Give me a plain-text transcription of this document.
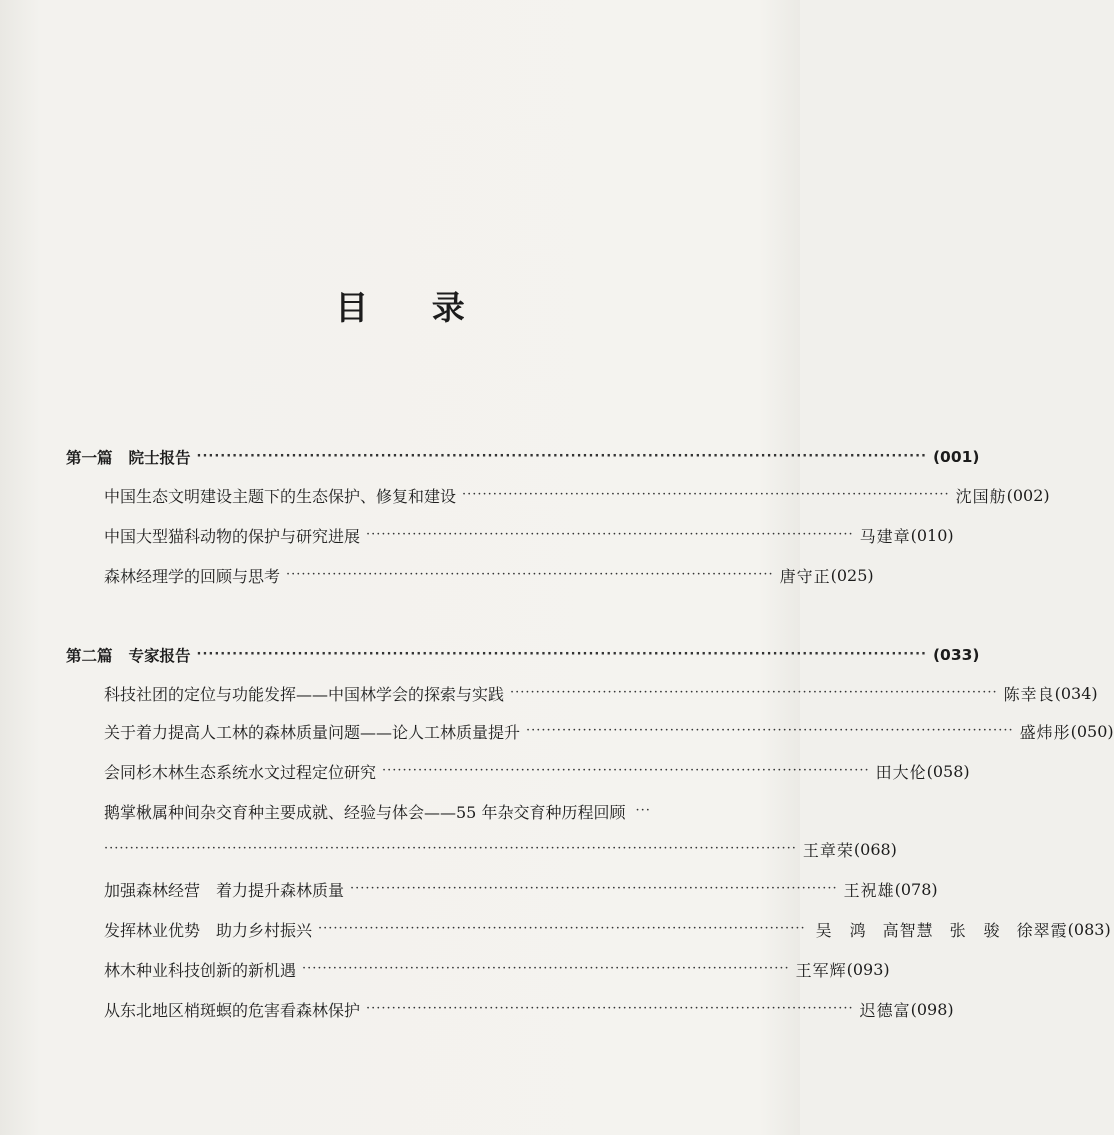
目 录
第一篇 院士报告 ··························································································································· (001)
中国生态文明建设主题下的生态保护、修复和建设 ······························································································· 沈国舫 (002)
中国大型猫科动物的保护与研究进展 ······························································································· 马建章 (010)
森林经理学的回顾与思考 ······························································································· 唐守正 (025)
第二篇 专家报告 ··························································································································· (033)
科技社团的定位与功能发挥——中国林学会的探索与实践 ······························································································· 陈幸良 (034)
关于着力提高人工林的森林质量问题——论人工林质量提升 ······························································································· 盛炜彤 (050)
会同杉木林生态系统水文过程定位研究 ······························································································· 田大伦 (058)
鹅掌楸属种间杂交育种主要成就、经验与体会——55 年杂交育种历程回顾 ···
······································································································································· 王章荣 (068)
加强森林经营　着力提升森林质量 ······························································································· 王祝雄 (078)
发挥林业优势　助力乡村振兴 ······························································································· 吴　鸿 高智慧 张　骏 徐翠霞 (083)
林木种业科技创新的新机遇 ······························································································· 王军辉 (093)
从东北地区梢斑螟的危害看森林保护 ······························································································· 迟德富 (098)
